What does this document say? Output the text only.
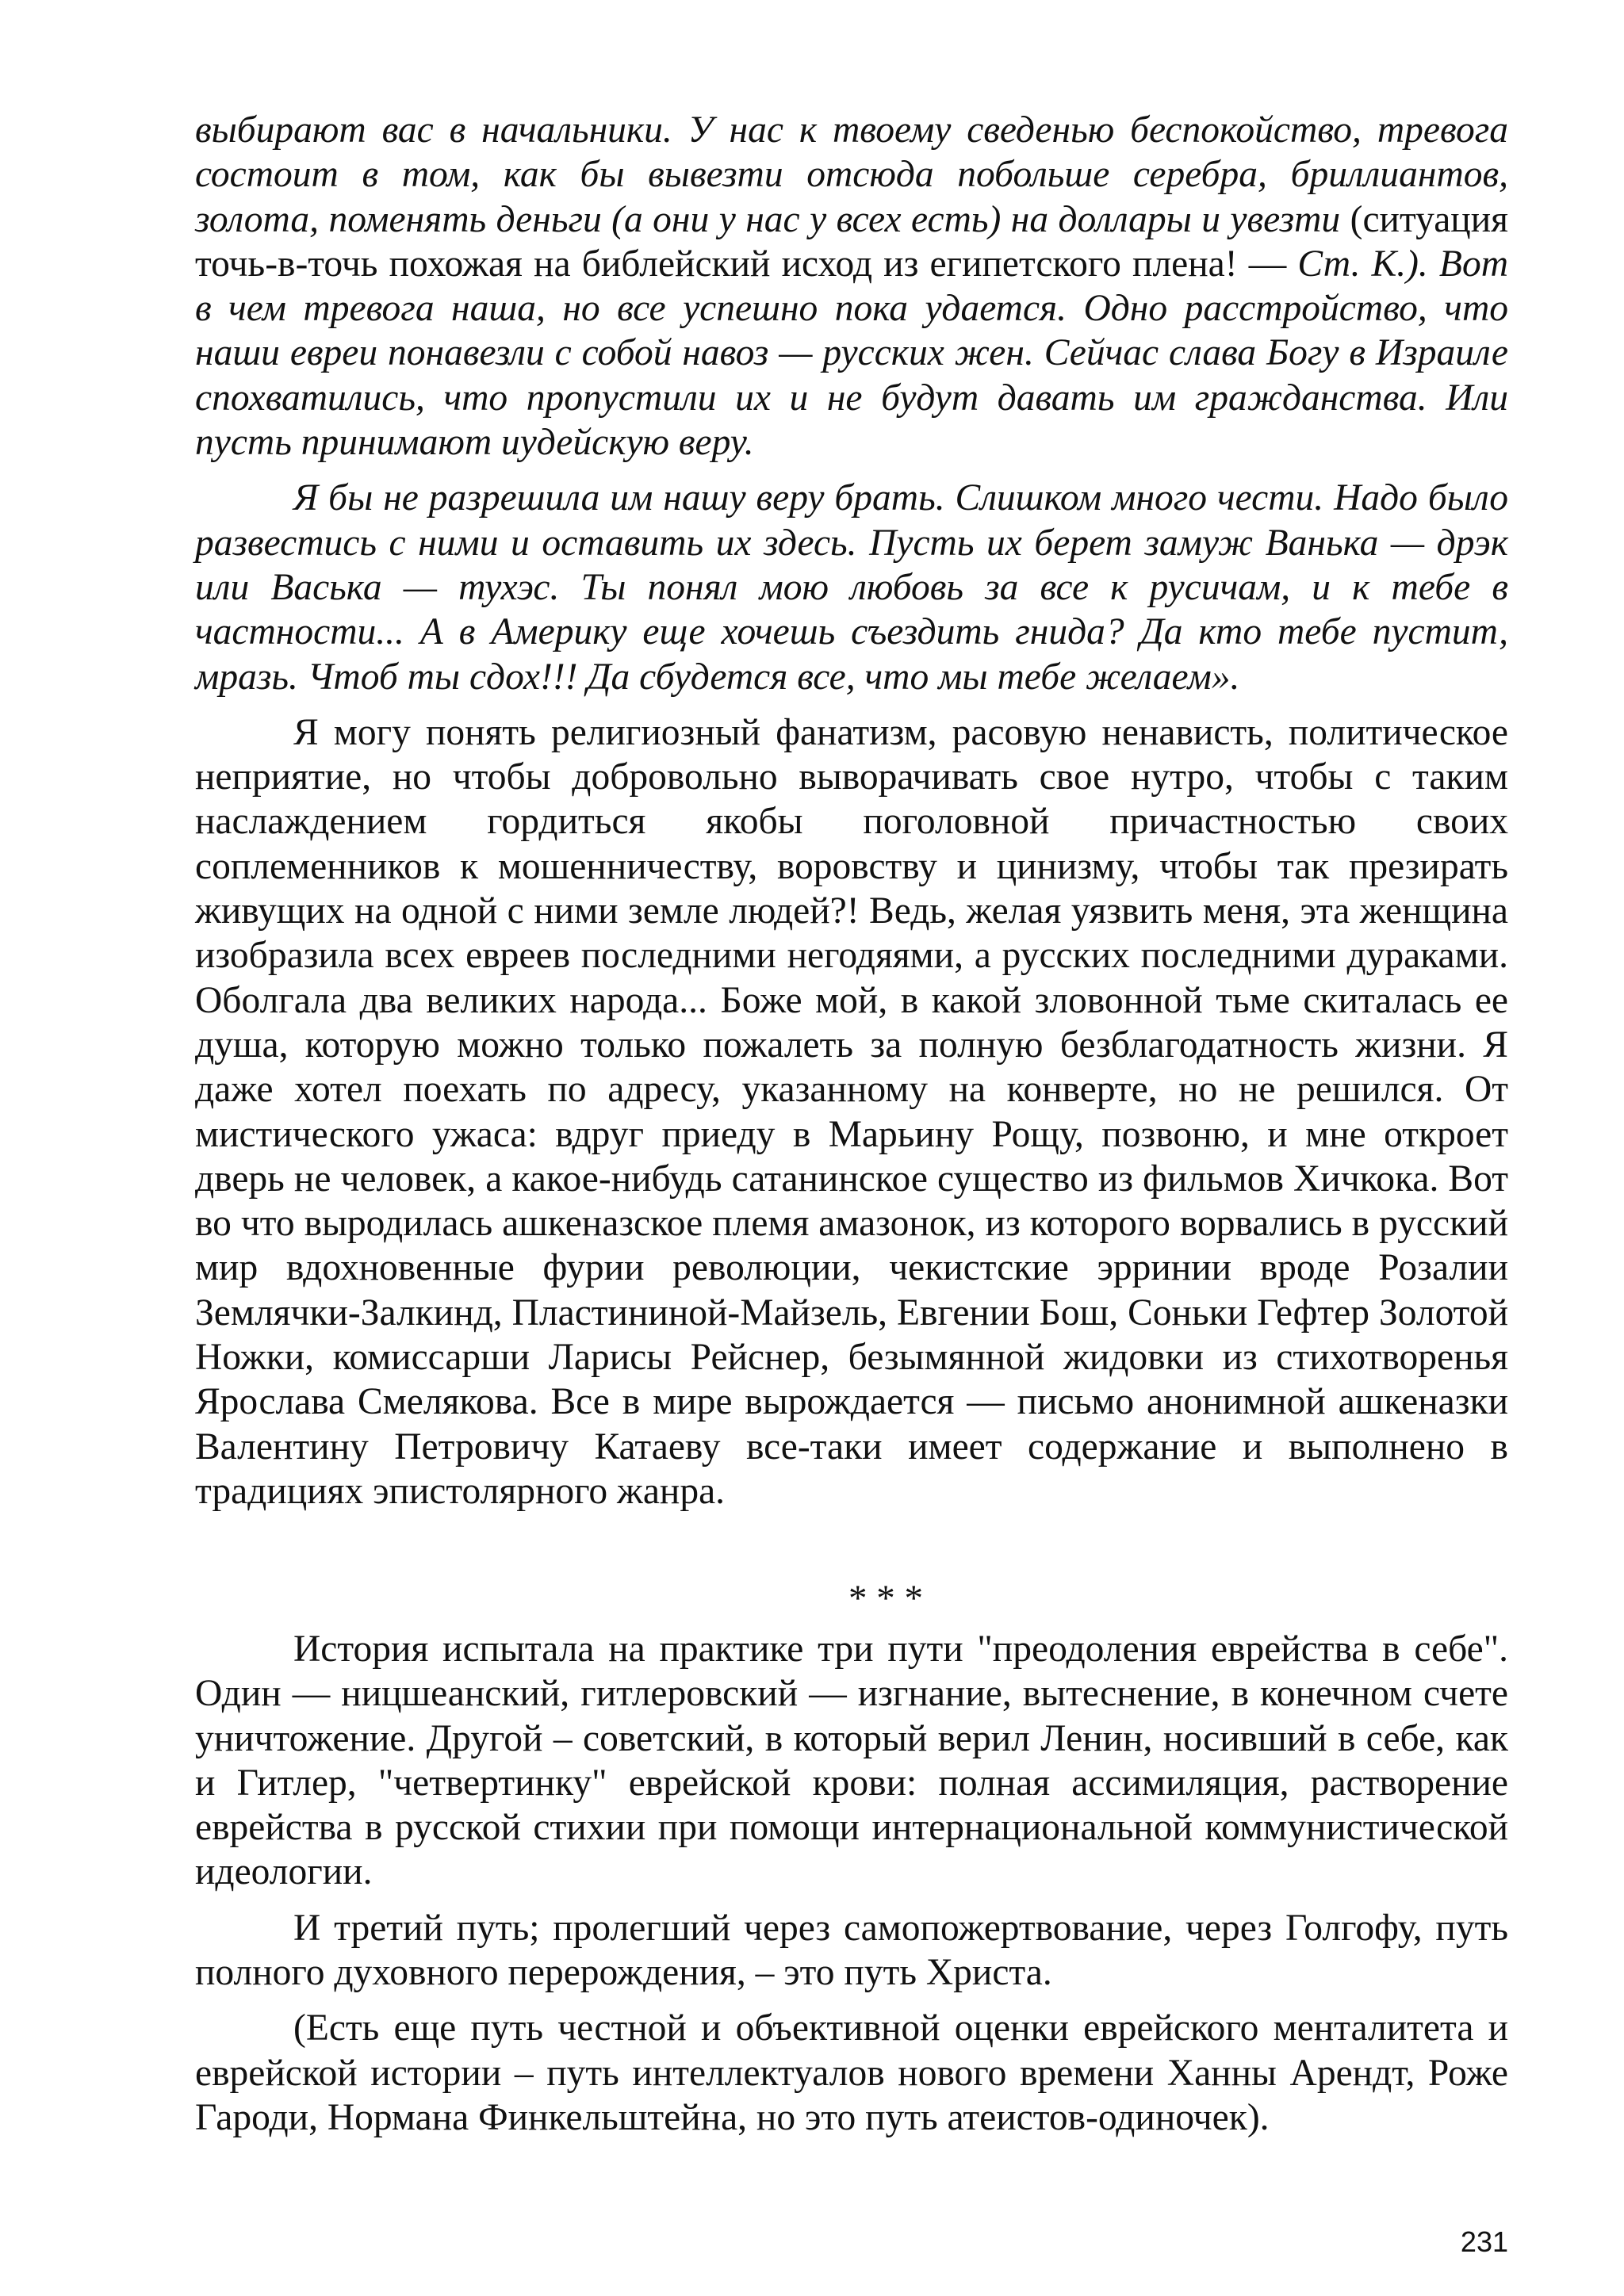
выбирают вас в начальники. У нас к твоему сведенью беспокойство, тревога состоит в том, как бы вывезти отсюда побольше серебра, бриллиантов, золота, поменять деньги (а они у нас у всех есть) на доллары и увезти (ситуация точь-в-точь похожая на библейский исход из египетского плена! — Ст. К.). Вот в чем тревога наша, но все успешно пока удается. Одно расстройство, что наши евреи понавезли с собой навоз — русских жен. Сейчас слава Богу в Израиле спохватились, что пропустили их и не будут давать им гражданства. Или пусть принимают иудейскую веру.

Я бы не разрешила им нашу веру брать. Слишком много чести. Надо было развестись с ними и оставить их здесь. Пусть их берет замуж Ванька — дрэк или Васька — тухэс. Ты понял мою любовь за все к русичам, и к тебе в частности... А в Америку еще хочешь съездить гнида? Да кто тебе пустит, мразь. Чтоб ты сдох!!! Да сбудется все, что мы тебе желаем».

Я могу понять религиозный фанатизм, расовую ненависть, политическое неприятие, но чтобы добровольно выворачивать свое нутро, чтобы с таким наслаждением гордиться якобы поголовной причастностью своих соплеменников к мошенничеству, воровству и цинизму, чтобы так презирать живущих на одной с ними земле людей?! Ведь, желая уязвить меня, эта женщина изобразила всех евреев последними негодяями, а русских последними дураками. Оболгала два великих народа... Боже мой, в какой зловонной тьме скиталась ее душа, которую можно только пожалеть за полную безблагодатность жизни. Я даже хотел поехать по адресу, указанному на конверте, но не решился. От мистического ужаса: вдруг приеду в Марьину Рощу, позвоню, и мне откроет дверь не человек, а какое-нибудь сатанинское существо из фильмов Хичкока. Вот во что выродилась ашкеназское племя амазонок, из которого ворвались в русский мир вдохновенные фурии революции, чекистские эрринии вроде Розалии Землячки-Залкинд, Пластининой-Майзель, Евгении Бош, Соньки Гефтер Золотой Ножки, комиссарши Ларисы Рейснер, безымянной жидовки из стихотворенья Ярослава Смелякова. Все в мире вырождается — письмо анонимной ашкеназки Валентину Петровичу Катаеву все-таки имеет содержание и выполнено в традициях эпистолярного жанра.

* * *

История испытала на практике три пути "преодоления еврейства в себе". Один — ницшеанский, гитлеровский — изгнание, вытеснение, в конечном счете уничтожение. Другой – советский, в который верил Ленин, носивший в себе, как и Гитлер, "четвертинку" еврейской крови: полная ассимиляция, растворение еврейства в русской стихии при помощи интернациональной коммунистической идеологии.

И третий путь; пролегший через самопожертвование, через Голгофу, путь полного духовного перерождения, – это путь Христа.

(Есть еще путь честной и объективной оценки еврейского менталитета и еврейской истории – путь интеллектуалов нового времени Ханны Арендт, Роже Гароди, Нормана Финкельштейна, но это путь атеистов-одиночек).

231
